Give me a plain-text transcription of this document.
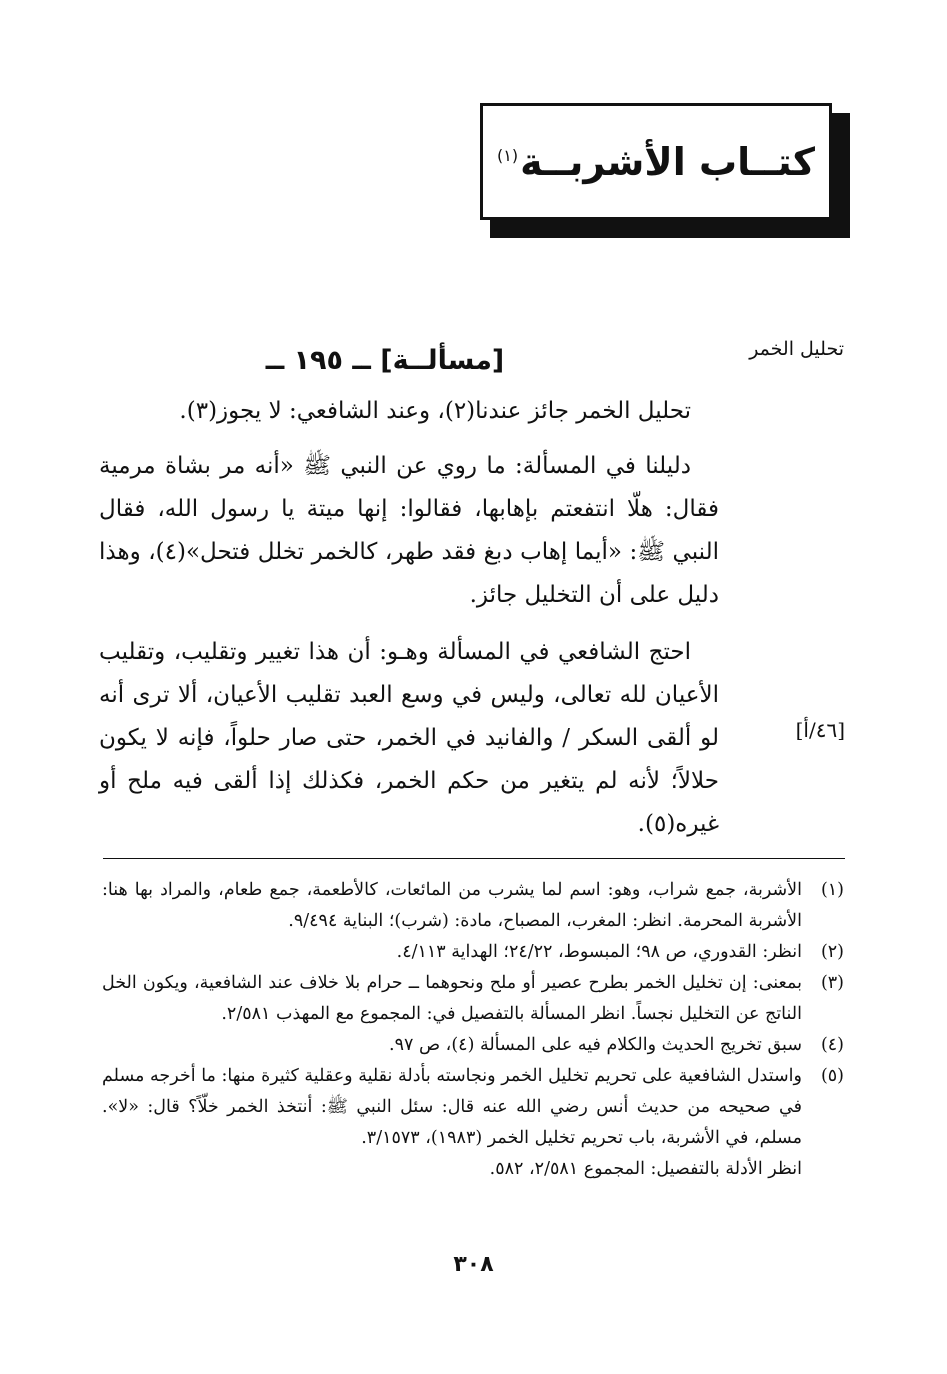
كتــاب الأشربــة$^{(١)}$
تحليل الخمر
[٤٦/أ]
[مسألــة] ــ ١٩٥ ــ

تحليل الخمر جائز عندنا(٢)، وعند الشافعي: لا يجوز(٣).

دليلنا في المسألة: ما روي عن النبي ﷺ «أنه مر بشاة مرمية فقال: هلّا انتفعتم بإهابها، فقالوا: إنها ميتة يا رسول الله، فقال النبي ﷺ: «أيما إهاب دبغ فقد طهر، كالخمر تخلل فتحل»(٤)، وهذا دليل على أن التخليل جائز.

احتج الشافعي في المسألة وهـو: أن هذا تغيير وتقليب، وتقليب الأعيان لله تعالى، وليس في وسع العبد تقليب الأعيان، ألا ترى أنه لو ألقى السكر / والفانيد في الخمر، حتى صار حلواً، فإنه لا يكون حلالاً؛ لأنه لم يتغير من حكم الخمر، فكذلك إذا ألقى فيه ملح أو غيره(٥).

(١)
الأشربة، جمع شراب، وهو: اسم لما يشرب من المائعات، كالأطعمة، جمع طعام، والمراد بها هنا: الأشربة المحرمة. انظر: المغرب، المصباح، مادة: (شرب)؛ البناية ٩/٤٩٤.
(٢)
انظر: القدوري، ص ٩٨؛ المبسوط، ٢٤/٢٢؛ الهداية ٤/١١٣.
(٣)
بمعنى: إن تخليل الخمر بطرح عصير أو ملح ونحوهما ــ حرام بلا خلاف عند الشافعية، ويكون الخل الناتج عن التخليل نجساً. انظر المسألة بالتفصيل في: المجموع مع المهذب ٢/٥٨١.
(٤)
سبق تخريج الحديث والكلام فيه على المسألة (٤)، ص ٩٧.
(٥)
واستدل الشافعية على تحريم تخليل الخمر ونجاسته بأدلة نقلية وعقلية كثيرة منها: ما أخرجه مسلم في صحيحه من حديث أنس رضي الله عنه قال: سئل النبي ﷺ: أنتخذ الخمر خلّاً؟ قال: «لا». مسلم، في الأشربة، باب تحريم تخليل الخمر (١٩٨٣)، ٣/١٥٧٣.
انظر الأدلة بالتفصيل: المجموع ٢/٥٨١، ٥٨٢.
٣٠٨
